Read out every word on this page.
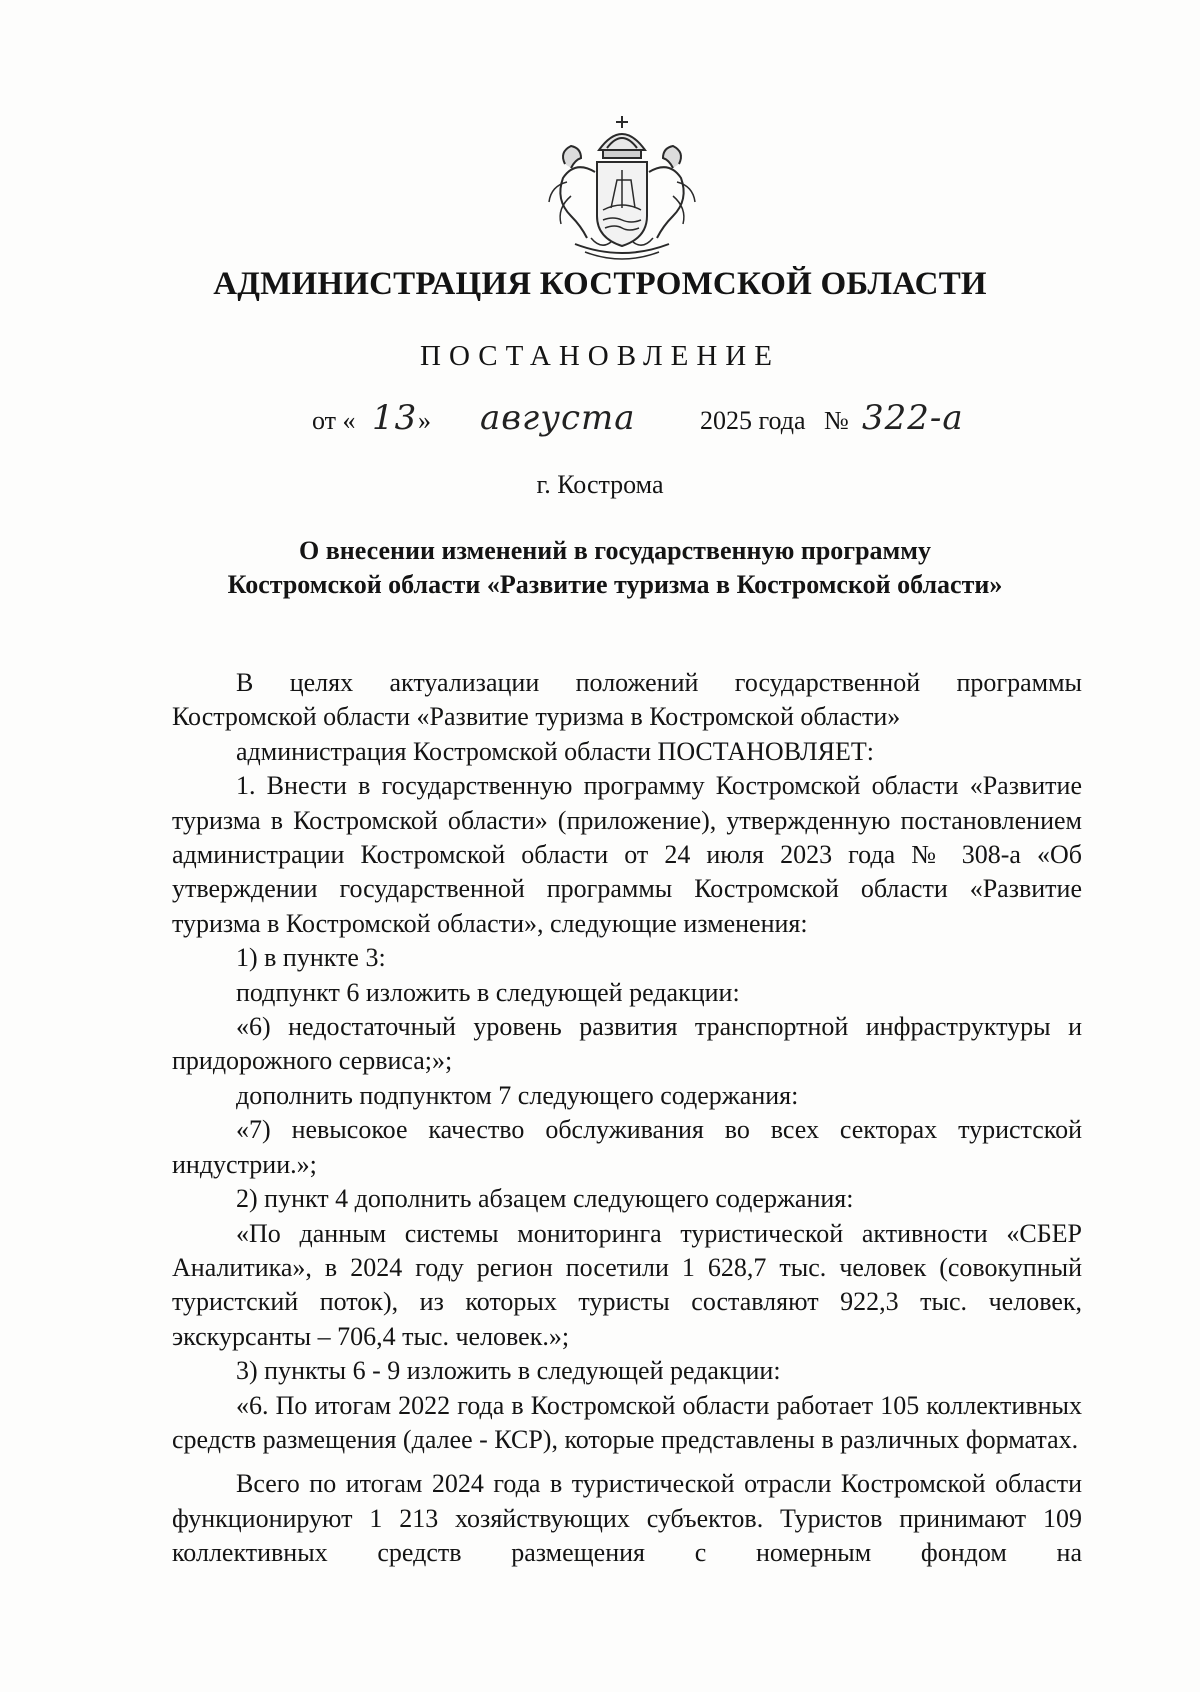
АДМИНИСТРАЦИЯ КОСТРОМСКОЙ ОБЛАСТИ
ПОСТАНОВЛЕНИЕ
от « 13 » августа 2025 года № 322-а
г. Кострома
О внесении изменений в государственную программу
Костромской области «Развитие туризма в Костромской области»

В целях актуализации положений государственной программы Костромской области «Развитие туризма в Костромской области»

администрация Костромской области ПОСТАНОВЛЯЕТ:

1. Внести в государственную программу Костромской области «Развитие туризма в Костромской области» (приложение), утвержденную постановлением администрации Костромской области от 24 июля 2023 года № 308-а «Об утверждении государственной программы Костромской области «Развитие туризма в Костромской области», следующие изменения:

1) в пункте 3:

подпункт 6 изложить в следующей редакции:

«6) недостаточный уровень развития транспортной инфраструктуры и придорожного сервиса;»;

дополнить подпунктом 7 следующего содержания:

«7) невысокое качество обслуживания во всех секторах туристской индустрии.»;

2) пункт 4 дополнить абзацем следующего содержания:

«По данным системы мониторинга туристической активности «СБЕР Аналитика», в 2024 году регион посетили 1 628,7 тыс. человек (совокупный туристский поток), из которых туристы составляют 922,3 тыс. человек, экскурсанты – 706,4 тыс. человек.»;

3) пункты 6 - 9 изложить в следующей редакции:

«6. По итогам 2022 года в Костромской области работает 105 коллективных средств размещения (далее - КСР), которые представлены в различных форматах.

Всего по итогам 2024 года в туристической отрасли Костромской области функционируют 1 213 хозяйствующих субъектов. Туристов принимают 109 коллективных средств размещения с номерным фондом на
